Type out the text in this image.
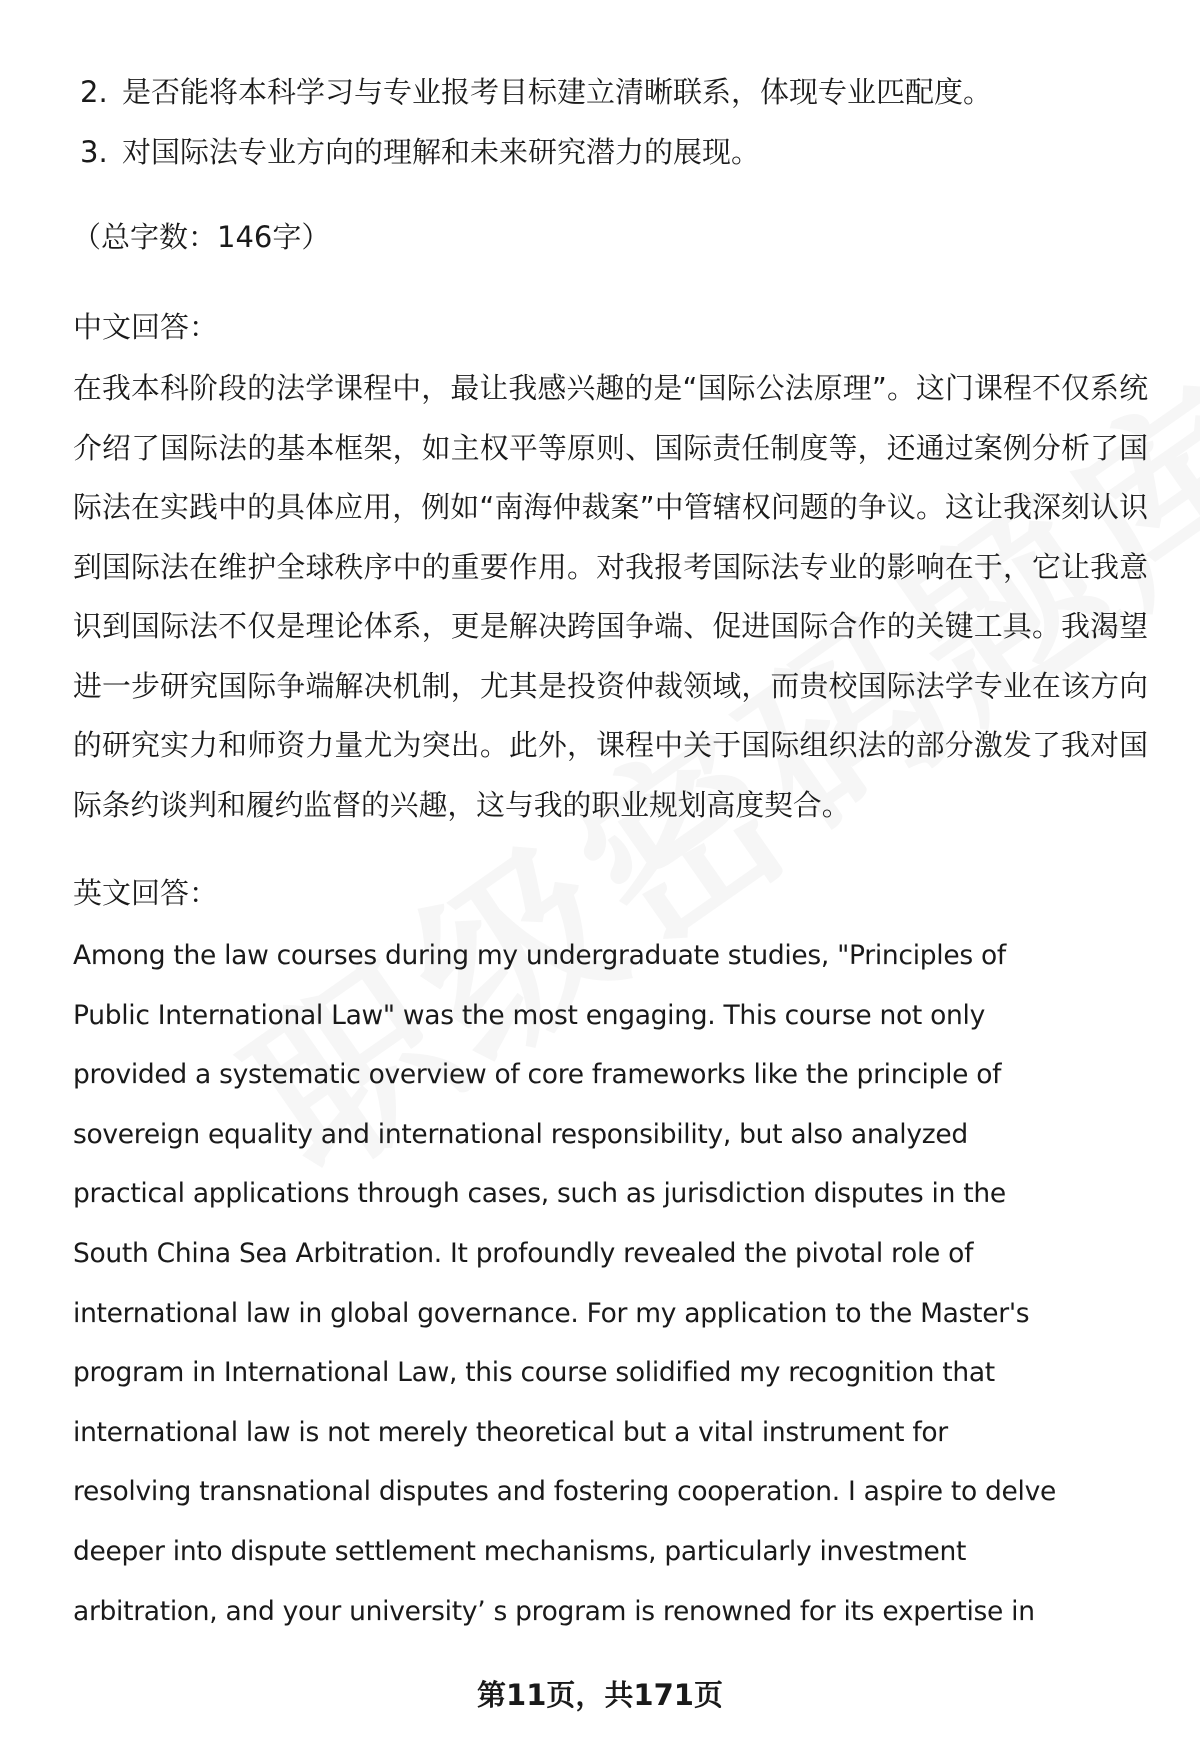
2. 是否能将本科学习与专业报考目标建立清晰联系，体现专业匹配度。
3. 对国际法专业方向的理解和未来研究潜力的展现。
（总字数：146字）
中文回答：
在我本科阶段的法学课程中，最让我感兴趣的是“国际公法原理”。这门课程不仅系统介绍了国际法的基本框架，如主权平等原则、国际责任制度等，还通过案例分析了国际法在实践中的具体应用，例如“南海仲裁案”中管辖权问题的争议。这让我深刻认识到国际法在维护全球秩序中的重要作用。对我报考国际法专业的影响在于，它让我意识到国际法不仅是理论体系，更是解决跨国争端、促进国际合作的关键工具。我渴望进一步研究国际争端解决机制，尤其是投资仲裁领域，而贵校国际法学专业在该方向的研究实力和师资力量尤为突出。此外，课程中关于国际组织法的部分激发了我对国际条约谈判和履约监督的兴趣，这与我的职业规划高度契合。
英文回答：
Among the law courses during my undergraduate studies, "Principles of
Public International Law" was the most engaging. This course not only
provided a systematic overview of core frameworks like the principle of
sovereign equality and international responsibility, but also analyzed
practical applications through cases, such as jurisdiction disputes in the
South China Sea Arbitration. It profoundly revealed the pivotal role of
international law in global governance. For my application to the Master's
program in International Law, this course solidified my recognition that
international law is not merely theoretical but a vital instrument for
resolving transnational disputes and fostering cooperation. I aspire to delve
deeper into dispute settlement mechanisms, particularly investment
arbitration, and your university’ s program is renowned for its expertise in
第11页，共171页
